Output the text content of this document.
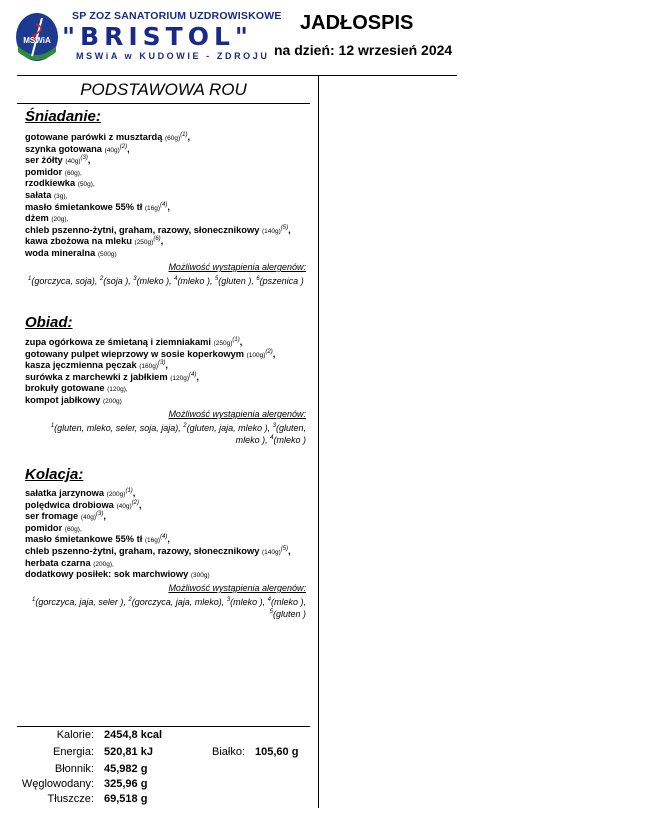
MSWiA
SP ZOZ SANATORIUM UZDROWISKOWE
"BRISTOL"
MSWiA w KUDOWIE - ZDROJU
JADŁOSPIS
na dzień: 12 wrzesień 2024
PODSTAWOWA ROU
Śniadanie:
gotowane parówki z musztardą $(60g)^{(1)}$,
szynka gotowana $(40g)^{(2)}$,
ser żółty $(40g)^{(3)}$,
pomidor (60g),
rzodkiewka (50g),
sałata (3g),
masło śmietankowe 55% tł $(16g)^{(4)}$,
dżem (20g),
chleb pszenno-żytni, graham, razowy, słonecznikowy $(140g)^{(5)}$,
kawa zbożowa na mleku $(250g)^{(6)}$,
woda mineralna (500g)
Możliwość wystąpienia alergenów:
$^1$(gorczyca, soja), $^2$(soja ), $^3$(mleko ), $^4$(mleko ), $^5$(gluten ), $^6$(pszenica )
Obiad:
zupa ogórkowa ze śmietaną i ziemniakami $(250g)^{(1)}$,
gotowany pulpet wieprzowy w sosie koperkowym $(100g)^{(2)}$,
kasza jęczmienna pęczak $(160g)^{(3)}$,
surówka z marchewki z jabłkiem $(120g)^{(4)}$,
brokuły gotowane (120g),
kompot jabłkowy (200g)
Możliwość wystąpienia alergenów:
$^1$(gluten, mleko, seler, soja, jaja), $^2$(gluten, jaja, mleko ), $^3$(gluten,
mleko ), $^4$(mleko )
Kolacja:
sałatka jarzynowa $(200g)^{(1)}$,
polędwica drobiowa $(40g)^{(2)}$,
ser fromage $(40g)^{(3)}$,
pomidor (60g),
masło śmietankowe 55% tł $(16g)^{(4)}$,
chleb pszenno-żytni, graham, razowy, słonecznikowy $(140g)^{(5)}$,
herbata czarna (200g),
dodatkowy posiłek: sok marchwiowy (300g)
Możliwość wystąpienia alergenów:
$^1$(gorczyca, jaja, seler ), $^2$(gorczyca, jaja, mleko), $^3$(mleko ), $^4$(mleko ),
$^5$(gluten )
Kalorie: 2454,8 kcal
Energia: 520,81 kJ	Białko: 105,60 g
Błonnik: 45,982 g
Węglowodany: 325,96 g
Tłuszcze: 69,518 g
